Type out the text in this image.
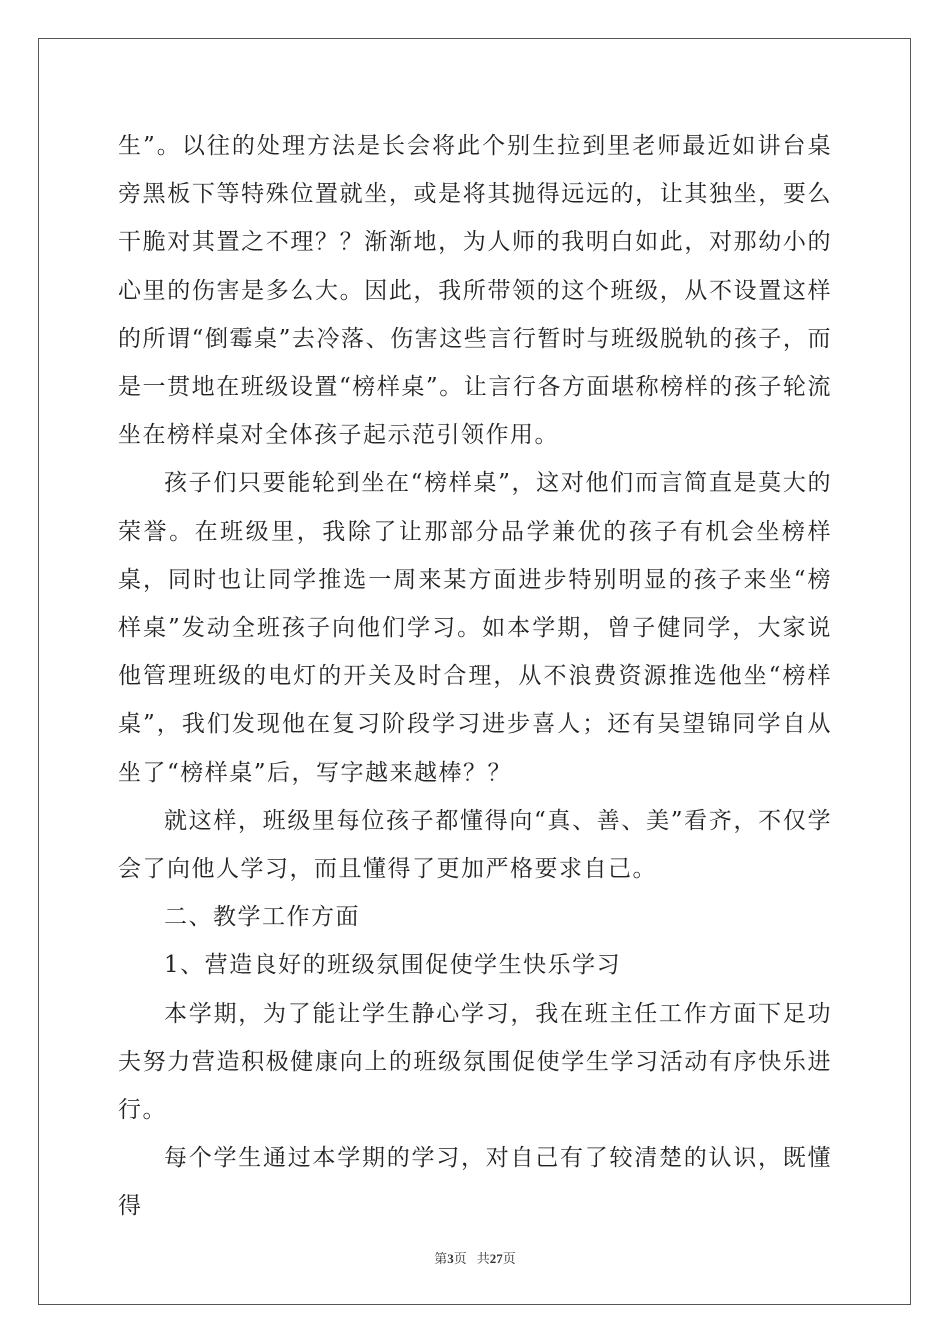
生”。以往的处理方法是长会将此个别生拉到里老师最近如讲台桌旁黑板下等特殊位置就坐，或是将其抛得远远的，让其独坐，要么干脆对其置之不理？？渐渐地，为人师的我明白如此，对那幼小的心里的伤害是多么大。因此，我所带领的这个班级，从不设置这样的所谓“倒霉桌”去冷落、伤害这些言行暂时与班级脱轨的孩子，而是一贯地在班级设置“榜样桌”。让言行各方面堪称榜样的孩子轮流坐在榜样桌对全体孩子起示范引领作用。

孩子们只要能轮到坐在“榜样桌”，这对他们而言简直是莫大的荣誉。在班级里，我除了让那部分品学兼优的孩子有机会坐榜样桌，同时也让同学推选一周来某方面进步特别明显的孩子来坐“榜样桌”发动全班孩子向他们学习。如本学期，曾子健同学，大家说他管理班级的电灯的开关及时合理，从不浪费资源推选他坐“榜样桌”，我们发现他在复习阶段学习进步喜人；还有吴望锦同学自从坐了“榜样桌”后，写字越来越棒？？

就这样，班级里每位孩子都懂得向“真、善、美”看齐，不仅学会了向他人学习，而且懂得了更加严格要求自己。

二、教学工作方面

1、营造良好的班级氛围促使学生快乐学习

本学期，为了能让学生静心学习，我在班主任工作方面下足功夫努力营造积极健康向上的班级氛围促使学生学习活动有序快乐进行。

每个学生通过本学期的学习，对自己有了较清楚的认识，既懂得

第3页 共27页
